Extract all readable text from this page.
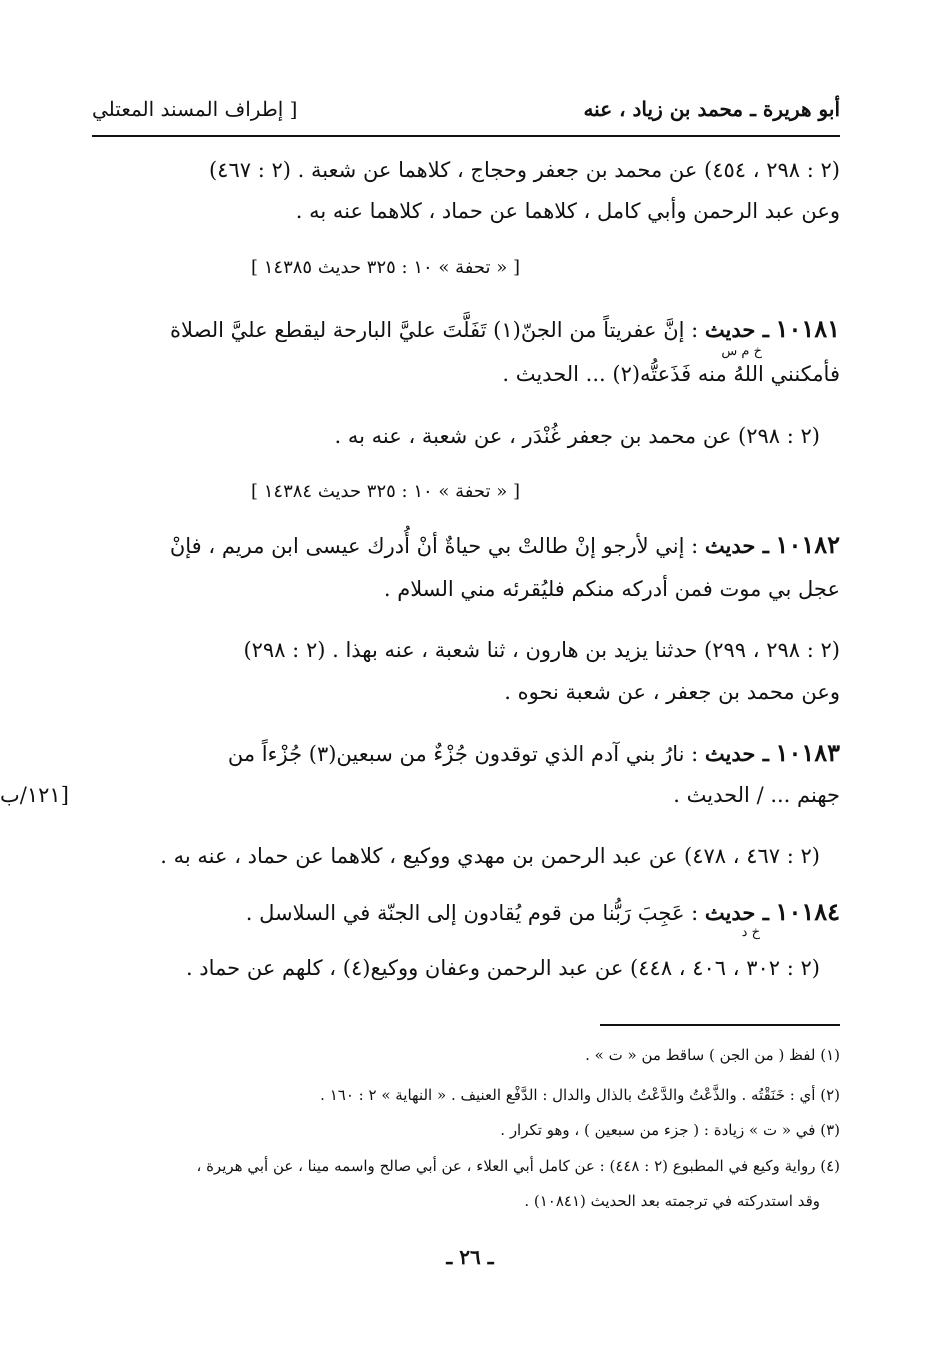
أبو هريرة ـ محمد بن زياد ، عنه
[ إطراف المسند المعتلي
(٢ : ٢٩٨ ، ٤٥٤) عن محمد بن جعفر وحجاج ، كلاهما عن شعبة . (٢ : ٤٦٧)
وعن عبد الرحمن وأبي كامل ، كلاهما عن حماد ، كلاهما عنه به .
[ « تحفة » ١٠ : ٣٢٥ حديث ١٤٣٨٥ ]
١٠١٨١ ـ حديث : إنَّ عفريتاً من الجنّ(١) تَفَلَّتَ عليَّ البارحة ليقطع عليَّ الصلاة
خ م س
فأمكنني اللهُ منه فَذَعتُّه(٢) ... الحديث .
(٢ : ٢٩٨) عن محمد بن جعفر غُنْدَر ، عن شعبة ، عنه به .
[ « تحفة » ١٠ : ٣٢٥ حديث ١٤٣٨٤ ]
١٠١٨٢ ـ حديث : إني لأرجو إنْ طالتْ بي حياةٌ أنْ أُدرك عيسى ابن مريم ، فإنْ
عجل بي موت فمن أدركه منكم فليُقرئه مني السلام .
(٢ : ٢٩٨ ، ٢٩٩) حدثنا يزيد بن هارون ، ثنا شعبة ، عنه بهذا . (٢ : ٢٩٨)
وعن محمد بن جعفر ، عن شعبة نحوه .
١٠١٨٣ ـ حديث : نارُ بني آدم الذي توقدون جُزْءٌ من سبعين(٣) جُزْءاً من
جهنم ... / الحديث .
١٢١/ب]
(٢ : ٤٦٧ ، ٤٧٨) عن عبد الرحمن بن مهدي ووكيع ، كلاهما عن حماد ، عنه به .
١٠١٨٤ ـ حديث : عَجِبَ رَبُّنا من قوم يُقادون إلى الجنّة في السلاسل .
خ د
(٢ : ٣٠٢ ، ٤٠٦ ، ٤٤٨) عن عبد الرحمن وعفان ووكيع(٤) ، كلهم عن حماد .
(١) لفظ ( من الجن ) ساقط من « ت » .
(٢) أي : خَنَقْتُه . والذَّعْتُ والدَّعْتُ بالذال والدال : الدَّفْع العنيف . « النهاية » ٢ : ١٦٠ .
(٣) في « ت » زيادة : ( جزء من سبعين ) ، وهو تكرار .
(٤) رواية وكيع في المطبوع (٢ : ٤٤٨) : عن كامل أبي العلاء ، عن أبي صالح واسمه مينا ، عن أبي هريرة ،
وقد استدركته في ترجمته بعد الحديث (١٠٨٤١) .
ـ ٢٦ ـ
